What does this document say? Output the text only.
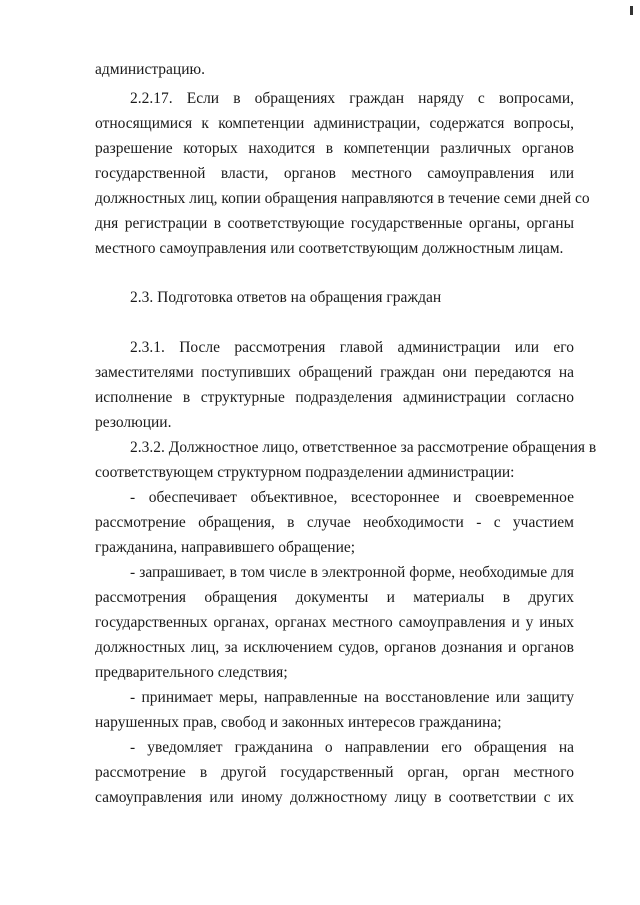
администрацию.
2.2.17. Если в обращениях граждан наряду с вопросами,
относящимися к компетенции администрации, содержатся вопросы,
разрешение которых находится в компетенции различных органов
государственной власти, органов местного самоуправления или
должностных лиц, копии обращения направляются в течение семи дней со
дня регистрации в соответствующие государственные органы, органы
местного самоуправления или соответствующим должностным лицам.
2.3. Подготовка ответов на обращения граждан
2.3.1. После рассмотрения главой администрации или его
заместителями поступивших обращений граждан они передаются на
исполнение в структурные подразделения администрации согласно
резолюции.
2.3.2. Должностное лицо, ответственное за рассмотрение обращения в
соответствующем структурном подразделении администрации:
- обеспечивает объективное, всестороннее и своевременное
рассмотрение обращения, в случае необходимости - с участием
гражданина, направившего обращение;
- запрашивает, в том числе в электронной форме, необходимые для
рассмотрения обращения документы и материалы в других
государственных органах, органах местного самоуправления и у иных
должностных лиц, за исключением судов, органов дознания и органов
предварительного следствия;
- принимает меры, направленные на восстановление или защиту
нарушенных прав, свобод и законных интересов гражданина;
- уведомляет гражданина о направлении его обращения на
рассмотрение в другой государственный орган, орган местного
самоуправления или иному должностному лицу в соответствии с их
